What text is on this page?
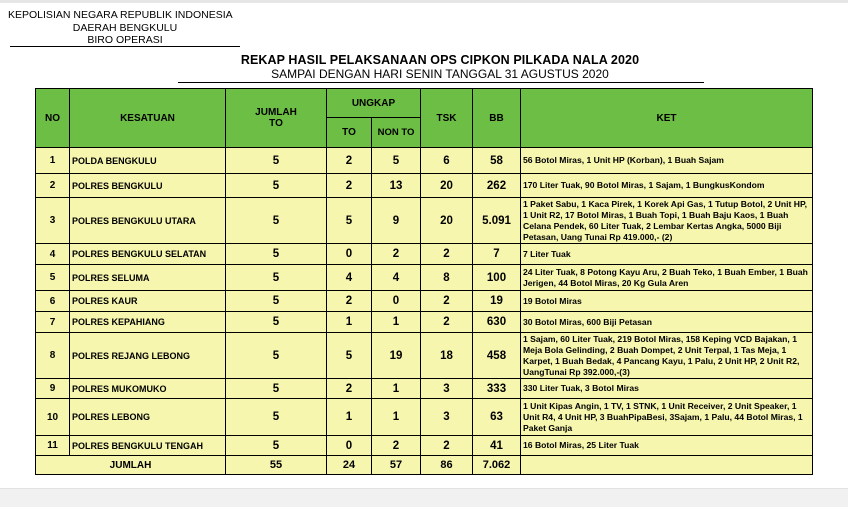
KEPOLISIAN NEGARA REPUBLIK INDONESIA
DAERAH BENGKULU
BIRO OPERASI
REKAP HASIL PELAKSANAAN OPS CIPKON PILKADA NALA 2020
SAMPAI DENGAN HARI SENIN TANGGAL 31 AGUSTUS 2020
NO	KESATUAN	JUMLAH TO	UNGKAP		TSK	BB	KET
			TO	NON TO			
1	POLDA BENGKULU	5	2	5	6	58	56 Botol Miras, 1 Unit HP (Korban), 1 Buah Sajam
2	POLRES BENGKULU	5	2	13	20	262	170 Liter Tuak, 90 Botol Miras, 1 Sajam, 1 BungkusKondom
3	POLRES BENGKULU UTARA	5	5	9	20	5.091	1 Paket Sabu, 1 Kaca Pirek, 1 Korek Api Gas, 1 Tutup Botol, 2 Unit HP, 1 Unit R2, 17 Botol Miras, 1 Buah Topi, 1 Buah Baju Kaos, 1 Buah Celana Pendek, 60 Liter Tuak, 2 Lembar Kertas Angka, 5000 Biji Petasan, Uang Tunai Rp 419.000,- (2)
4	POLRES BENGKULU SELATAN	5	0	2	2	7	7 Liter Tuak
5	POLRES SELUMA	5	4	4	8	100	24 Liter Tuak, 8 Potong Kayu Aru, 2 Buah Teko, 1 Buah Ember, 1 Buah Jerigen, 44 Botol Miras, 20 Kg Gula Aren
6	POLRES KAUR	5	2	0	2	19	19 Botol Miras
7	POLRES KEPAHIANG	5	1	1	2	630	30 Botol Miras, 600 Biji Petasan
8	POLRES REJANG LEBONG	5	5	19	18	458	1 Sajam, 60 Liter Tuak, 219 Botol Miras, 158 Keping VCD Bajakan, 1 Meja Bola Gelinding, 2 Buah Dompet, 2 Unit Terpal, 1 Tas Meja, 1 Karpet, 1 Buah Bedak, 4 Pancang Kayu, 1 Palu, 2 Unit HP, 2 Unit R2, UangTunai Rp 392.000,-(3)
9	POLRES MUKOMUKO	5	2	1	3	333	330 Liter Tuak, 3 Botol Miras
10	POLRES LEBONG	5	1	1	3	63	1 Unit Kipas Angin, 1 TV, 1 STNK, 1 Unit Receiver, 2 Unit Speaker, 1 Unit R4, 4 Unit HP, 3 BuahPipaBesi, 3Sajam, 1 Palu, 44 Botol Miras, 1 Paket Ganja
11	POLRES BENGKULU TENGAH	5	0	2	2	41	16 Botol Miras, 25 Liter Tuak
JUMLAH		55	24	57	86	7.062	
